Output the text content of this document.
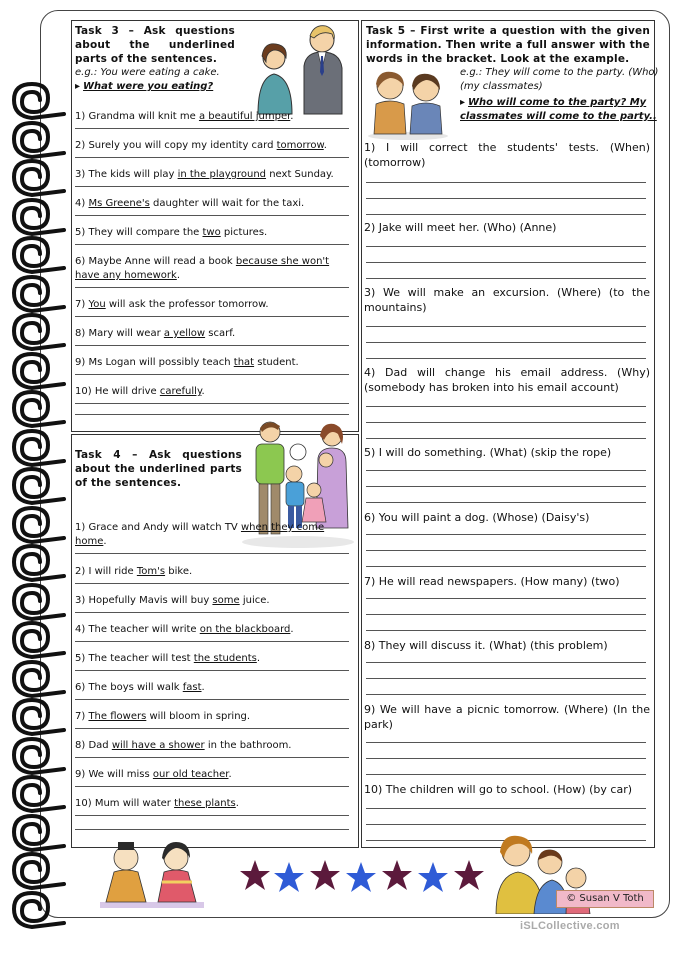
Task 3 – Ask questions about the underlined parts of the sentences.
e.g.: You were eating a cake.
▸ What were you eating?
1) Grandma will knit me a beautiful jumper.
2) Surely you will copy my identity card tomorrow.
3) The kids will play in the playground next Sunday.
4) Ms Greene's daughter will wait for the taxi.
5) They will compare the two pictures.
6) Maybe Anne will read a book because she won't have any homework.
7) You will ask the professor tomorrow.
8) Mary will wear a yellow scarf.
9) Ms Logan will possibly teach that student.
10) He will drive carefully.
Task 4 – Ask questions about the underlined parts of the sentences.
1) Grace and Andy will watch TV when they come home.
2) I will ride Tom's bike.
3) Hopefully Mavis will buy some juice.
4) The teacher will write on the blackboard.
5) The teacher will test the students.
6) The boys will walk fast.
7) The flowers will bloom in spring.
8) Dad will have a shower in the bathroom.
9) We will miss our old teacher.
10) Mum will water these plants.
Task 5 – First write a question with the given information. Then write a full answer with the words in the bracket. Look at the example.
e.g.: They will come to the party. (Who)
(my classmates)
▸ Who will come to the party? My
classmates will come to the party..
1) I will correct the students' tests. (When) (tomorrow)
2) Jake will meet her. (Who) (Anne)
3) We will make an excursion. (Where) (to the mountains)
4) Dad will change his email address. (Why) (somebody has broken into his email account)
5) I will do something. (What) (skip the rope)
6) You will paint a dog. (Whose) (Daisy's)
7) He will read newspapers. (How many) (two)
8) They will discuss it. (What) (this problem)
9) We will have a picnic tomorrow. (Where) (In the park)
10) The children will go to school. (How) (by car)
© Susan V Toth
iSLCollective.com
